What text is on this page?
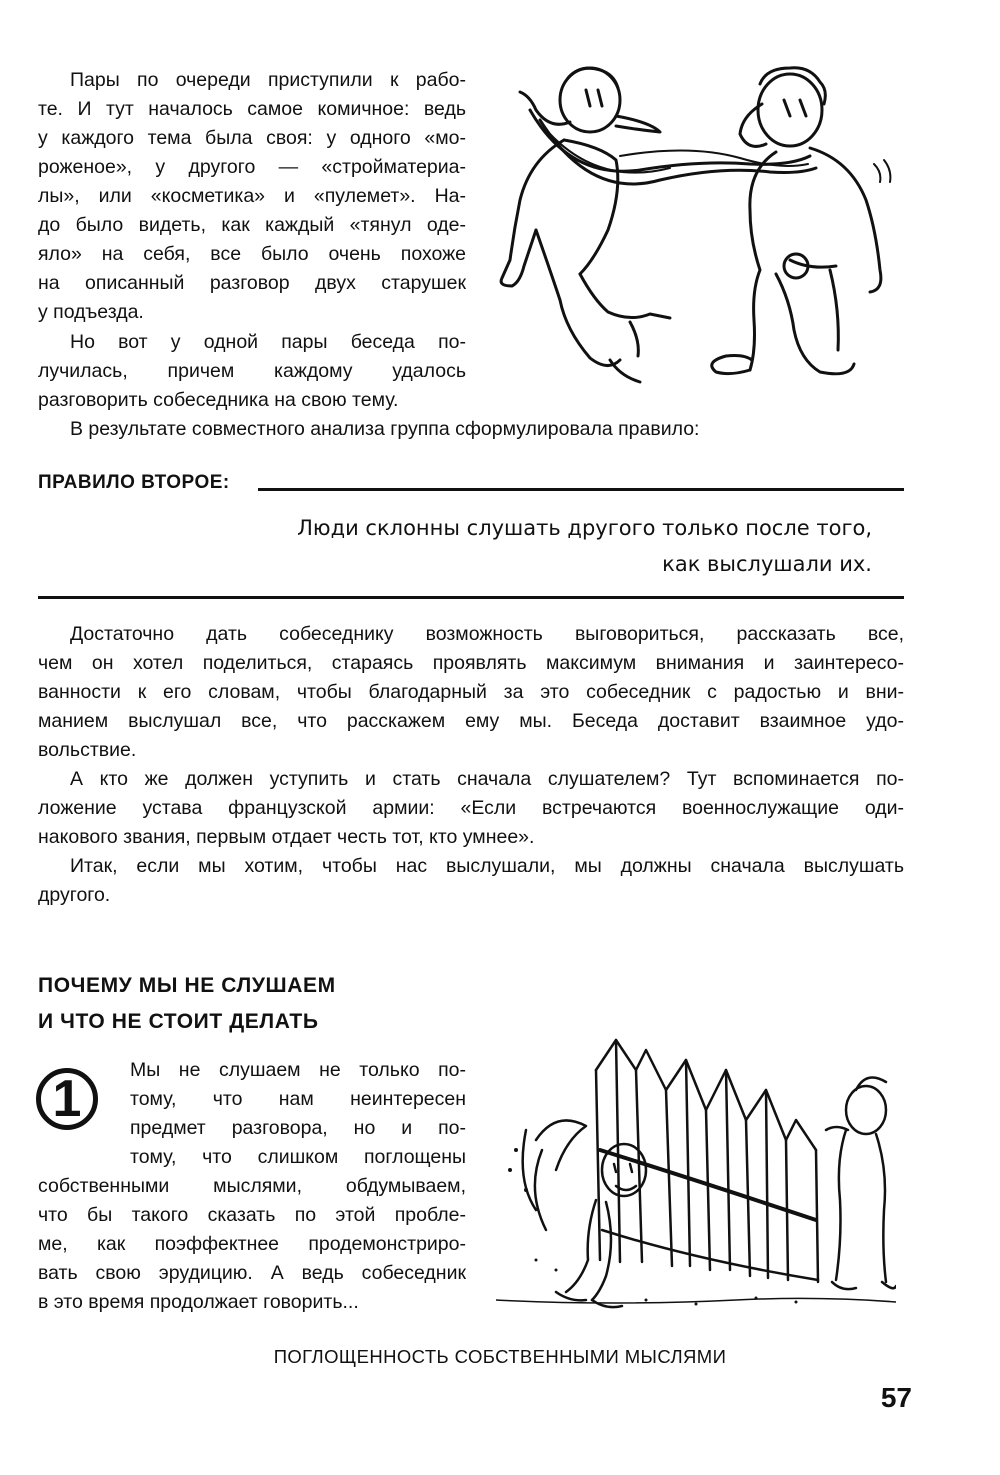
Пары по очереди приступили к рабо-
те. И тут началось самое комичное: ведь
у каждого тема была своя: у одного «мо-
роженое», у другого — «стройматериа-
лы», или «косметика» и «пулемет». На-
до было видеть, как каждый «тянул оде-
яло» на себя, все было очень похоже
на описанный разговор двух старушек
у подъезда.
Но вот у одной пары беседа по-
лучилась, причем каждому удалось
разговорить собеседника на свою тему.
В результате совместного анализа группа сформулировала правило:
ПРАВИЛО ВТОРОЕ:
Люди склонны слушать другого только после того,
как выслушали их.
Достаточно дать собеседнику возможность выговориться, рассказать все,
чем он хотел поделиться, стараясь проявлять максимум внимания и заинтересо-
ванности к его словам, чтобы благодарный за это собеседник с радостью и вни-
манием выслушал все, что расскажем ему мы. Беседа доставит взаимное удо-
вольствие.
А кто же должен уступить и стать сначала слушателем? Тут вспоминается по-
ложение устава французской армии: «Если встречаются военнослужащие оди-
накового звания, первым отдает честь тот, кто умнее».
Итак, если мы хотим, чтобы нас выслушали, мы должны сначала выслушать
другого.
ПОЧЕМУ МЫ НЕ СЛУШАЕМ
И ЧТО НЕ СТОИТ ДЕЛАТЬ
1	Мы не слушаем не только по-
тому, что нам неинтересен
предмет разговора, но и по-
тому, что слишком поглощены
собственными мыслями, обдумываем,
что бы такого сказать по этой пробле-
ме, как поэффектнее продемонстриро-
вать свою эрудицию. А ведь собеседник
в это время продолжает говорить...
ПОГЛОЩЕННОСТЬ СОБСТВЕННЫМИ МЫСЛЯМИ
57
